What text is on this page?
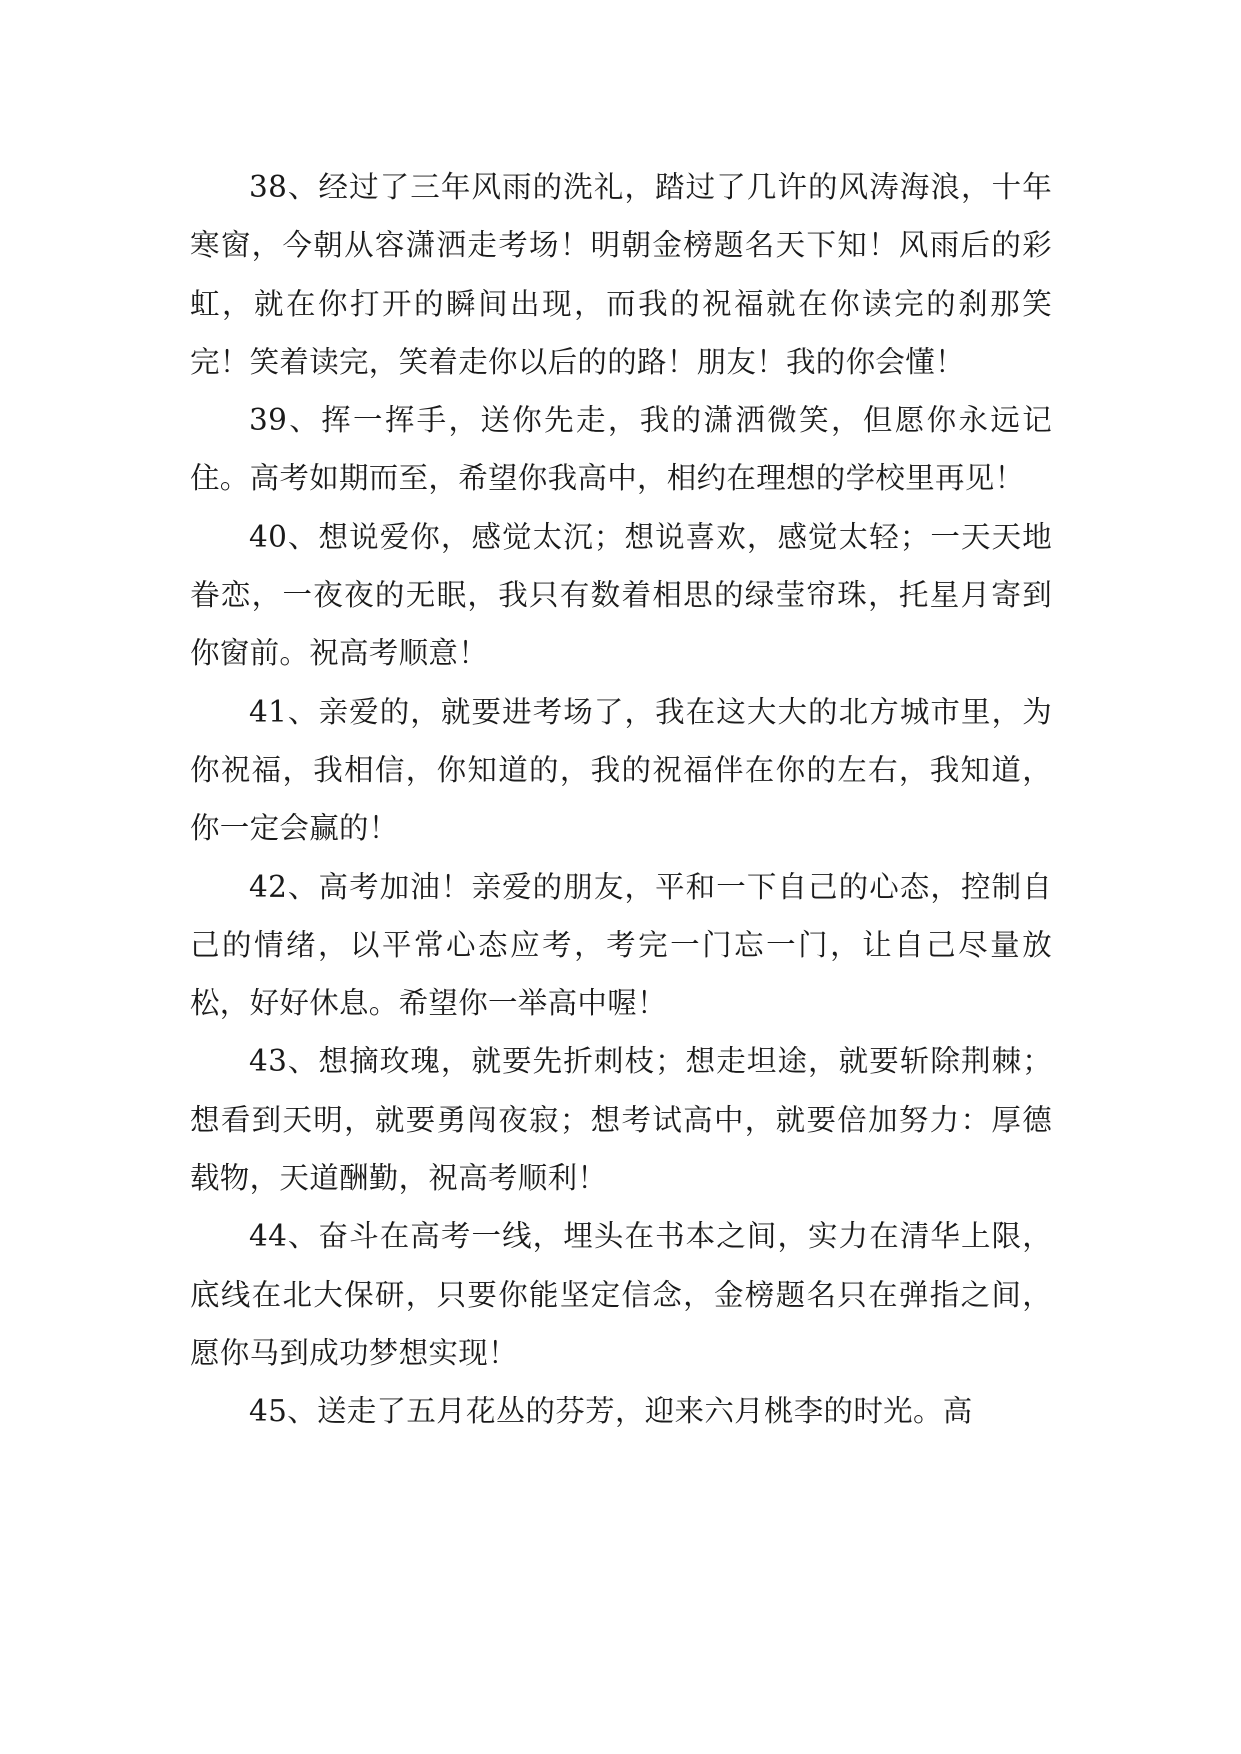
38、经过了三年风雨的洗礼，踏过了几许的风涛海浪，十年寒窗，今朝从容潇洒走考场！明朝金榜题名天下知！风雨后的彩虹，就在你打开的瞬间出现，而我的祝福就在你读完的刹那笑完！笑着读完，笑着走你以后的的路！朋友！我的你会懂！

39、挥一挥手，送你先走，我的潇洒微笑，但愿你永远记住。高考如期而至，希望你我高中，相约在理想的学校里再见！

40、想说爱你，感觉太沉；想说喜欢，感觉太轻；一天天地眷恋，一夜夜的无眠，我只有数着相思的绿莹帘珠，托星月寄到你窗前。祝高考顺意！

41、亲爱的，就要进考场了，我在这大大的北方城市里，为你祝福，我相信，你知道的，我的祝福伴在你的左右，我知道，你一定会赢的！

42、高考加油！亲爱的朋友，平和一下自己的心态，控制自己的情绪，以平常心态应考，考完一门忘一门，让自己尽量放松，好好休息。希望你一举高中喔！

43、想摘玫瑰，就要先折刺枝；想走坦途，就要斩除荆棘；想看到天明，就要勇闯夜寂；想考试高中，就要倍加努力：厚德载物，天道酬勤，祝高考顺利！

44、奋斗在高考一线，埋头在书本之间，实力在清华上限，底线在北大保研，只要你能坚定信念，金榜题名只在弹指之间，愿你马到成功梦想实现！

45、送走了五月花丛的芬芳，迎来六月桃李的时光。高
